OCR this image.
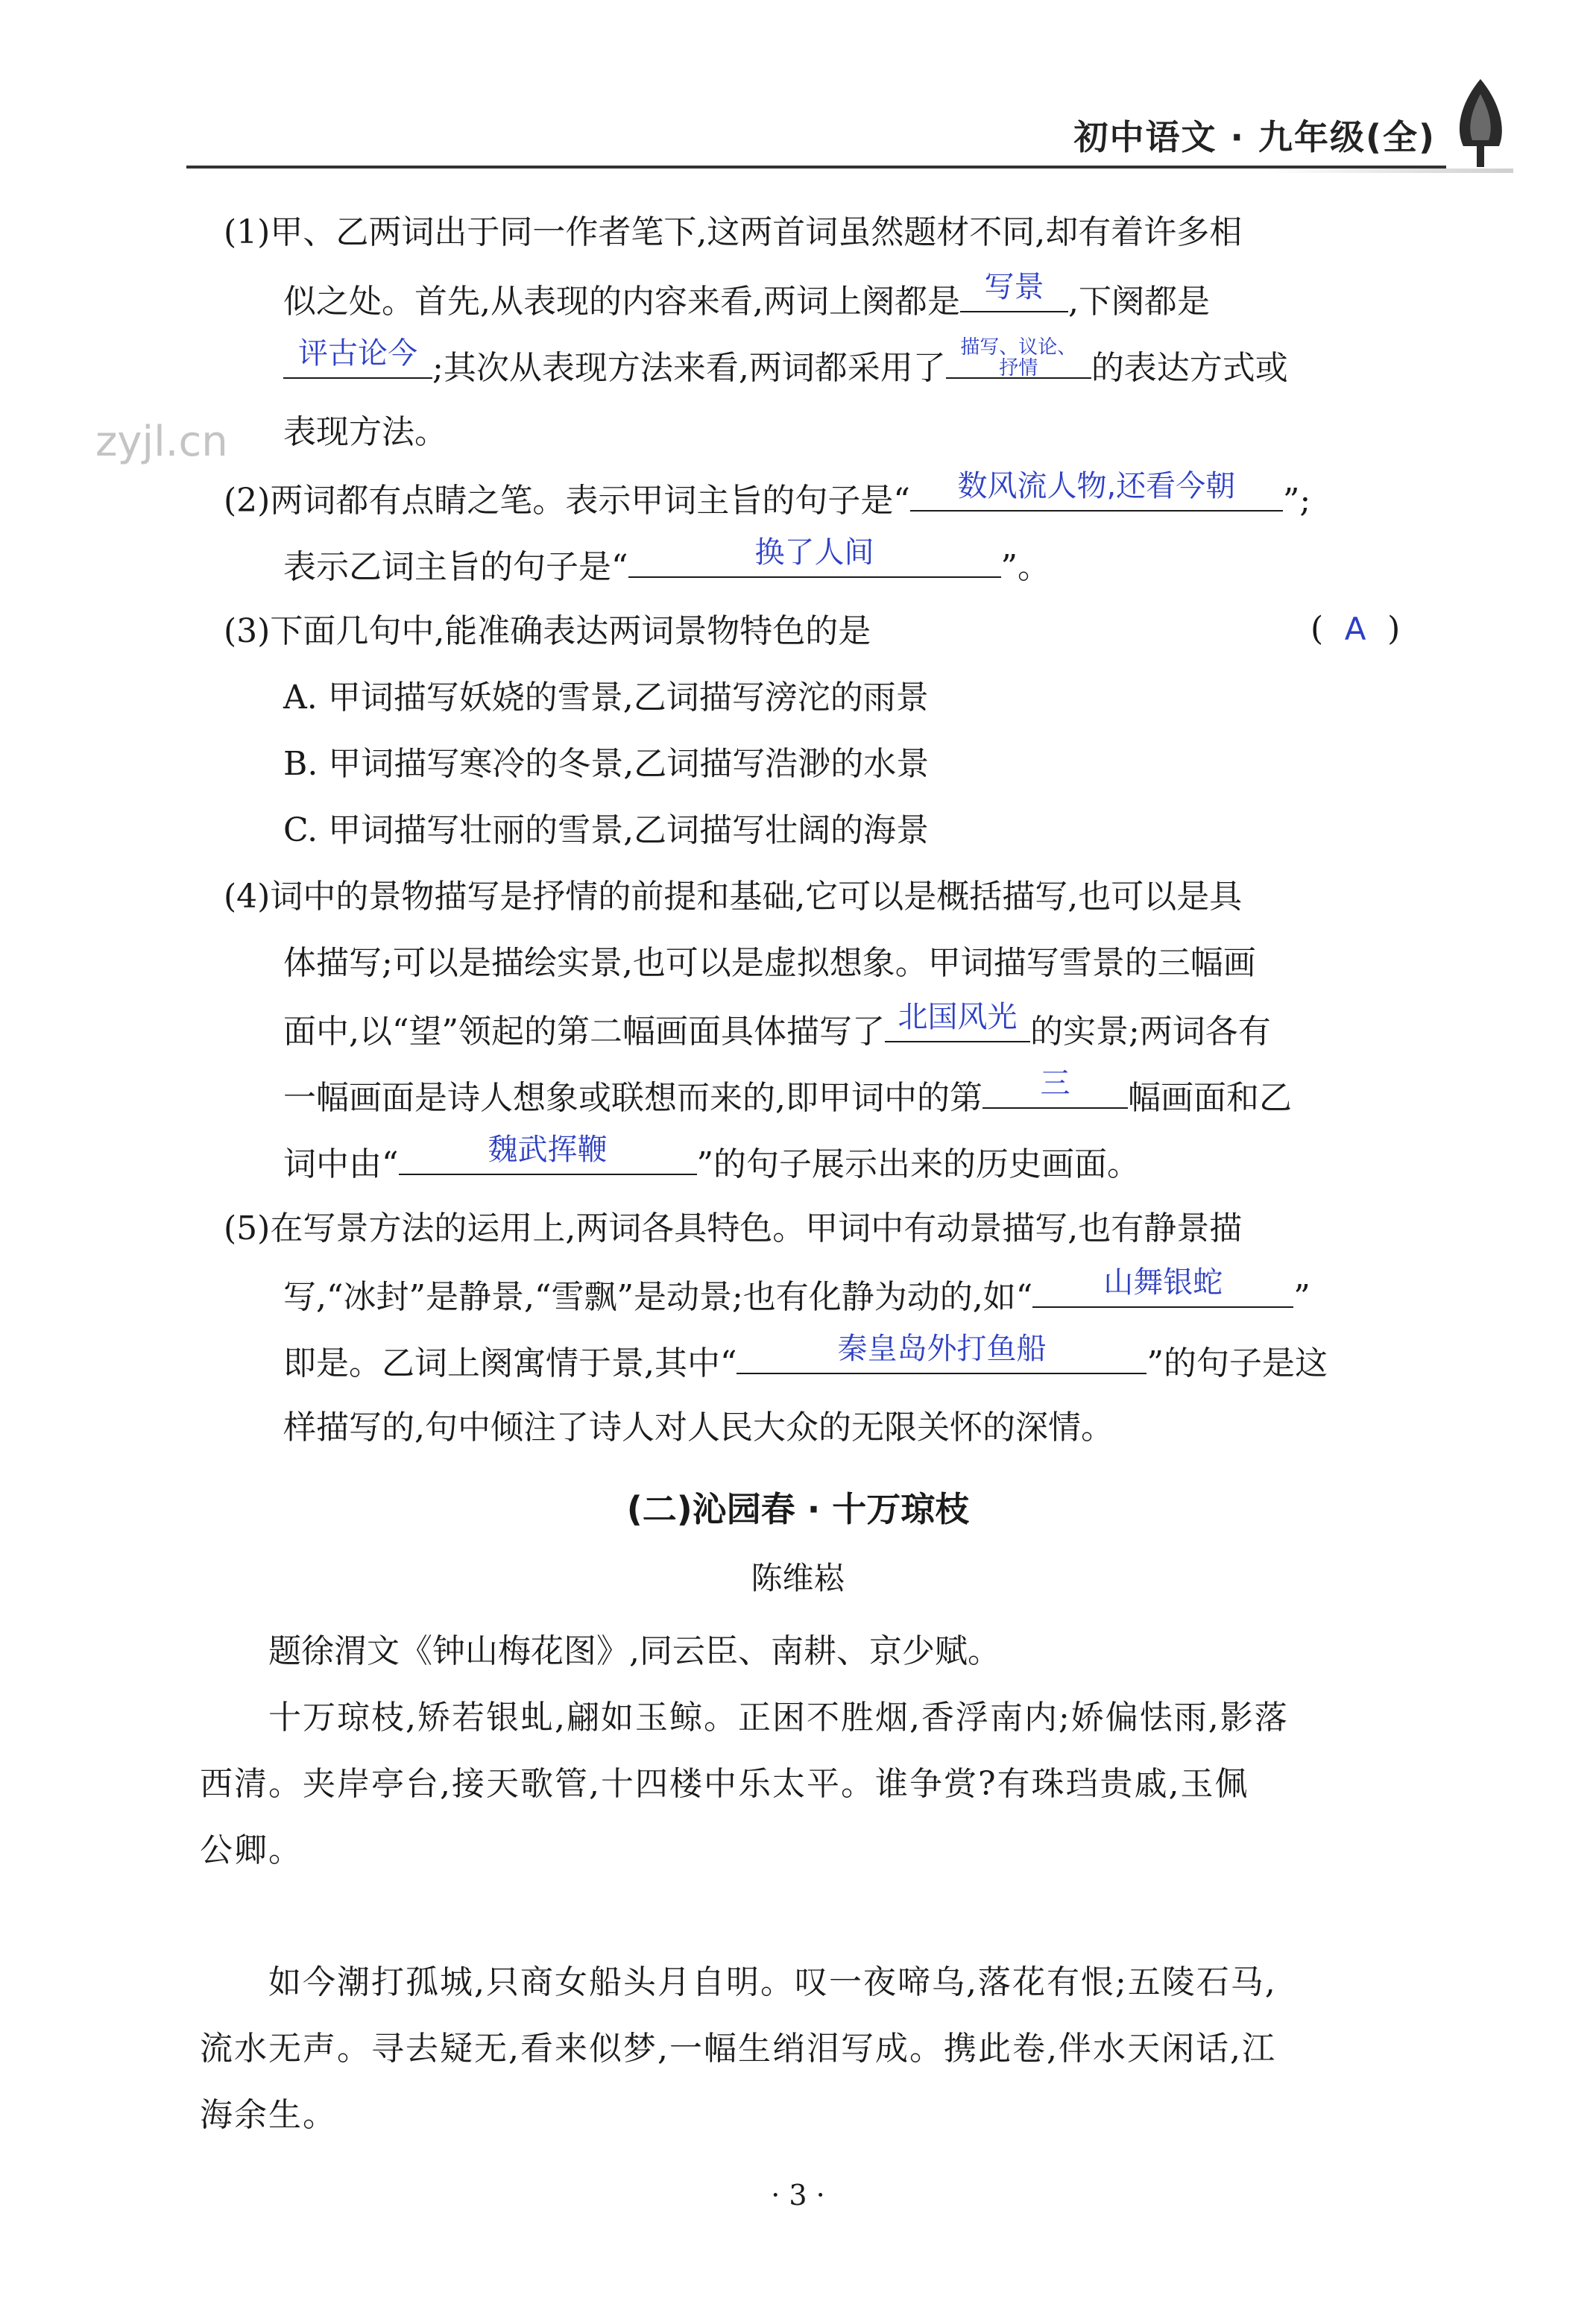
初中语文 · 九年级(全)
zyjl.cn
(1)甲、乙两词出于同一作者笔下,这两首词虽然题材不同,却有着许多相
似之处。首先,从表现的内容来看,两词上阕都是 写景 ,下阕都是
评古论今 ;其次从表现方法来看,两词都采用了
描写、议论、
抒情	的表达方式或
表现方法。
(2)两词都有点睛之笔。表示甲词主旨的句子是“	数风流人物,还看今朝	”;
表示乙词主旨的句子是“	换了人间	”。
(3)下面几句中,能准确表达两词景物特色的是	( A )
A. 甲词描写妖娆的雪景,乙词描写滂沱的雨景
B. 甲词描写寒冷的冬景,乙词描写浩渺的水景
C. 甲词描写壮丽的雪景,乙词描写壮阔的海景
(4)词中的景物描写是抒情的前提和基础,它可以是概括描写,也可以是具
体描写;可以是描绘实景,也可以是虚拟想象。甲词描写雪景的三幅画
面中,以“望”领起的第二幅画面具体描写了 北国风光 的实景;两词各有
一幅画面是诗人想象或联想而来的,即甲词中的第	三	幅画面和乙
词中由“	魏武挥鞭	”的句子展示出来的历史画面。
(5)在写景方法的运用上,两词各具特色。甲词中有动景描写,也有静景描
写,“冰封”是静景,“雪飘”是动景;也有化静为动的,如“	山舞银蛇	”
即是。乙词上阕寓情于景,其中“	秦皇岛外打鱼船	”的句子是这
样描写的,句中倾注了诗人对人民大众的无限关怀的深情。
(二)沁园春 · 十万琼枝
陈维崧
题徐渭文《钟山梅花图》,同云臣、南耕、京少赋。
十万琼枝,矫若银虬,翩如玉鲸。正困不胜烟,香浮南内;娇偏怯雨,影落
西清。夹岸亭台,接天歌管,十四楼中乐太平。谁争赏?有珠珰贵戚,玉佩
公卿。
如今潮打孤城,只商女船头月自明。叹一夜啼乌,落花有恨;五陵石马,
流水无声。寻去疑无,看来似梦,一幅生绡泪写成。携此卷,伴水天闲话,江
海余生。
· 3 ·
